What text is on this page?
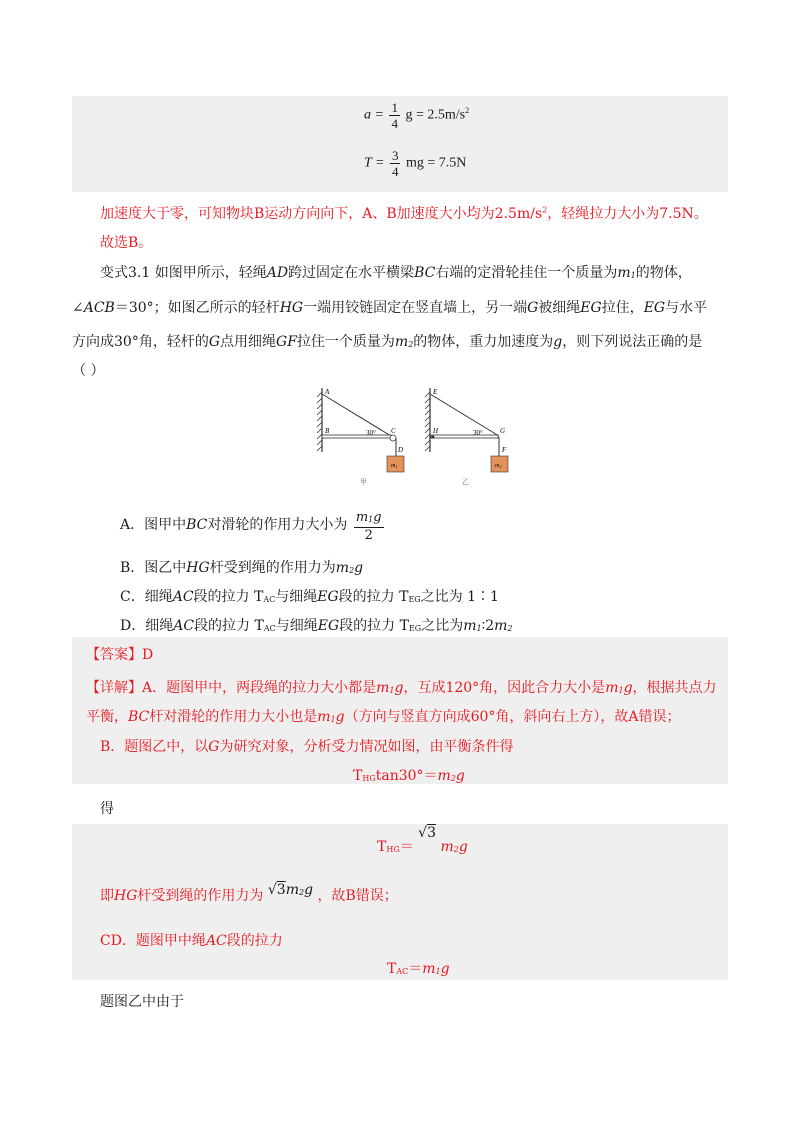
$a = \frac{1}{4}$ $g = 2.5m/s^2$
$T = \frac{3}{4}$ mg = 7.5N
加速度大于零，可知物块B运动方向向下，A、B加速度大小均为$2.5m/s^2$，轻绳拉力大小为7.5N。
故选B。
变式3.1 如图甲所示，轻绳AD跨过固定在水平横梁BC右端的定滑轮挂住一个质量为$m_1$的物体，
∠ACB＝30°；如图乙所示的轻杆HG一端用铰链固定在竖直墙上，另一端G被细绳EG拉住，EG与水平
方向成30°角，轻杆的G点用细绳GF拉住一个质量为$m_2$的物体，重力加速度为g，则下列说法正确的是
（ ）
A
B	30° C
D
m1
甲
E
H	30° G
F
m2
乙
A．图甲中BC对滑轮的作用力大小为 $\frac{m_1g}{2}$
B．图乙中HG杆受到绳的作用力为$m_2g$
C．细绳AC段的拉力 $T_{AC}$与细绳EG段的拉力 $T_{EG}$之比为 1∶1
D．细绳AC段的拉力 $T_{AC}$与细绳EG段的拉力 $T_{EG}$之比为$m_1∶2m_2$
【答案】D
【详解】A．题图甲中，两段绳的拉力大小都是$m_1g$，互成120°角，因此合力大小是$m_1g$，根据共点力
平衡，BC杆对滑轮的作用力大小也是$m_1g$（方向与竖直方向成60°角，斜向右上方），故A错误；
B．题图乙中，以G为研究对象，分析受力情况如图，由平衡条件得
$T_{HG}\tan 30^\circ=m_2g$
得
$T_{HG}= √3$ $m_2g$
即HG杆受到绳的作用力为 $√3m_2g$ ，故B错误；
CD．题图甲中绳AC段的拉力
$T_{AC}=m_1g$
题图乙中由于
